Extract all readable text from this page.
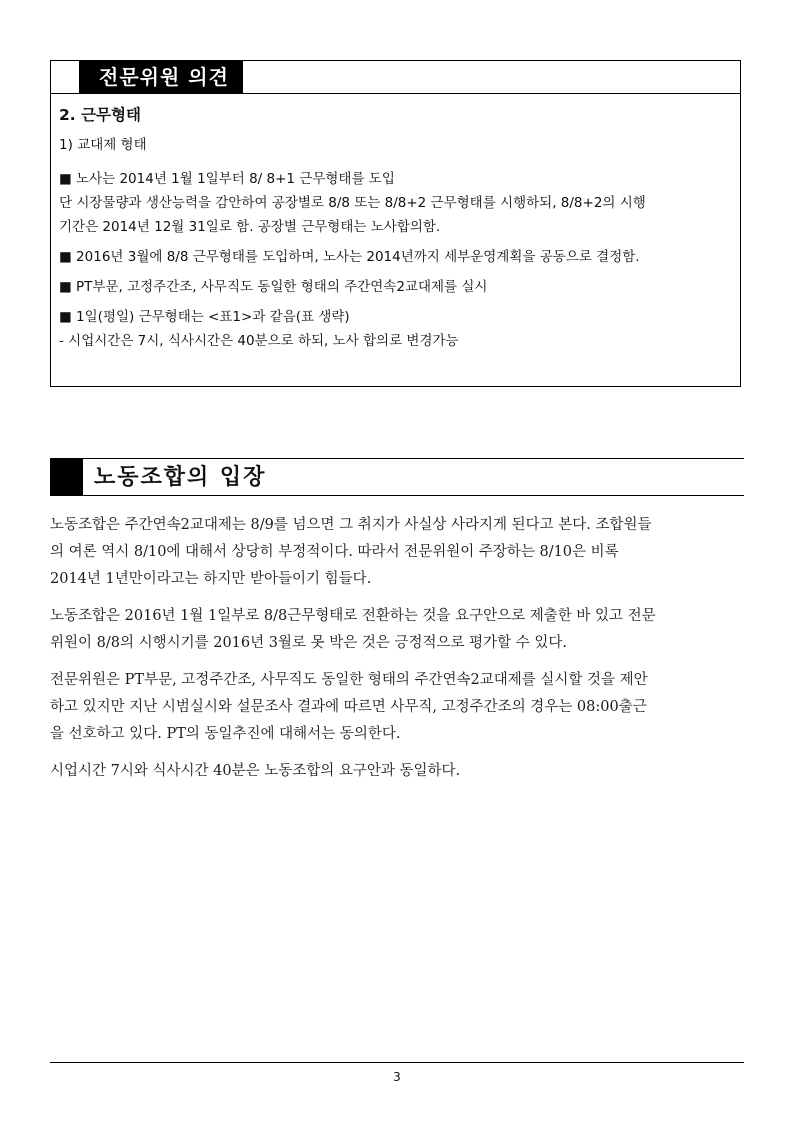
전문위원 의견
2. 근무형태
1) 교대제 형태

■ 노사는 2014년 1월 1일부터 8/ 8+1 근무형태를 도입

단 시장물량과 생산능력을 감안하여 공장별로 8/8 또는 8/8+2 근무형태를 시행하되, 8/8+2의 시행

기간은 2014년 12월 31일로 함. 공장별 근무형태는 노사합의함.

■ 2016년 3월에 8/8 근무형태를 도입하며, 노사는 2014년까지 세부운영계획을 공동으로 결정함.

■ PT부문, 고정주간조, 사무직도 동일한 형태의 주간연속2교대제를 실시

■ 1일(평일) 근무형태는 <표1>과 같음(표 생략)

- 시업시간은 7시, 식사시간은 40분으로 하되, 노사 합의로 변경가능

노동조합의 입장

노동조합은 주간연속2교대제는 8/9를 넘으면 그 취지가 사실상 사라지게 된다고 본다. 조합원들
의 여론 역시 8/10에 대해서 상당히 부정적이다. 따라서 전문위원이 주장하는 8/10은 비록
2014년 1년만이라고는 하지만 받아들이기 힘들다.

노동조합은 2016년 1월 1일부로 8/8근무형태로 전환하는 것을 요구안으로 제출한 바 있고 전문
위원이 8/8의 시행시기를 2016년 3월로 못 박은 것은 긍정적으로 평가할 수 있다.

전문위원은 PT부문, 고정주간조, 사무직도 동일한 형태의 주간연속2교대제를 실시할 것을 제안
하고 있지만 지난 시범실시와 설문조사 결과에 따르면 사무직, 고정주간조의 경우는 08:00출근
을 선호하고 있다. PT의 동일추진에 대해서는 동의한다.

시업시간 7시와 식사시간 40분은 노동조합의 요구안과 동일하다.

3
